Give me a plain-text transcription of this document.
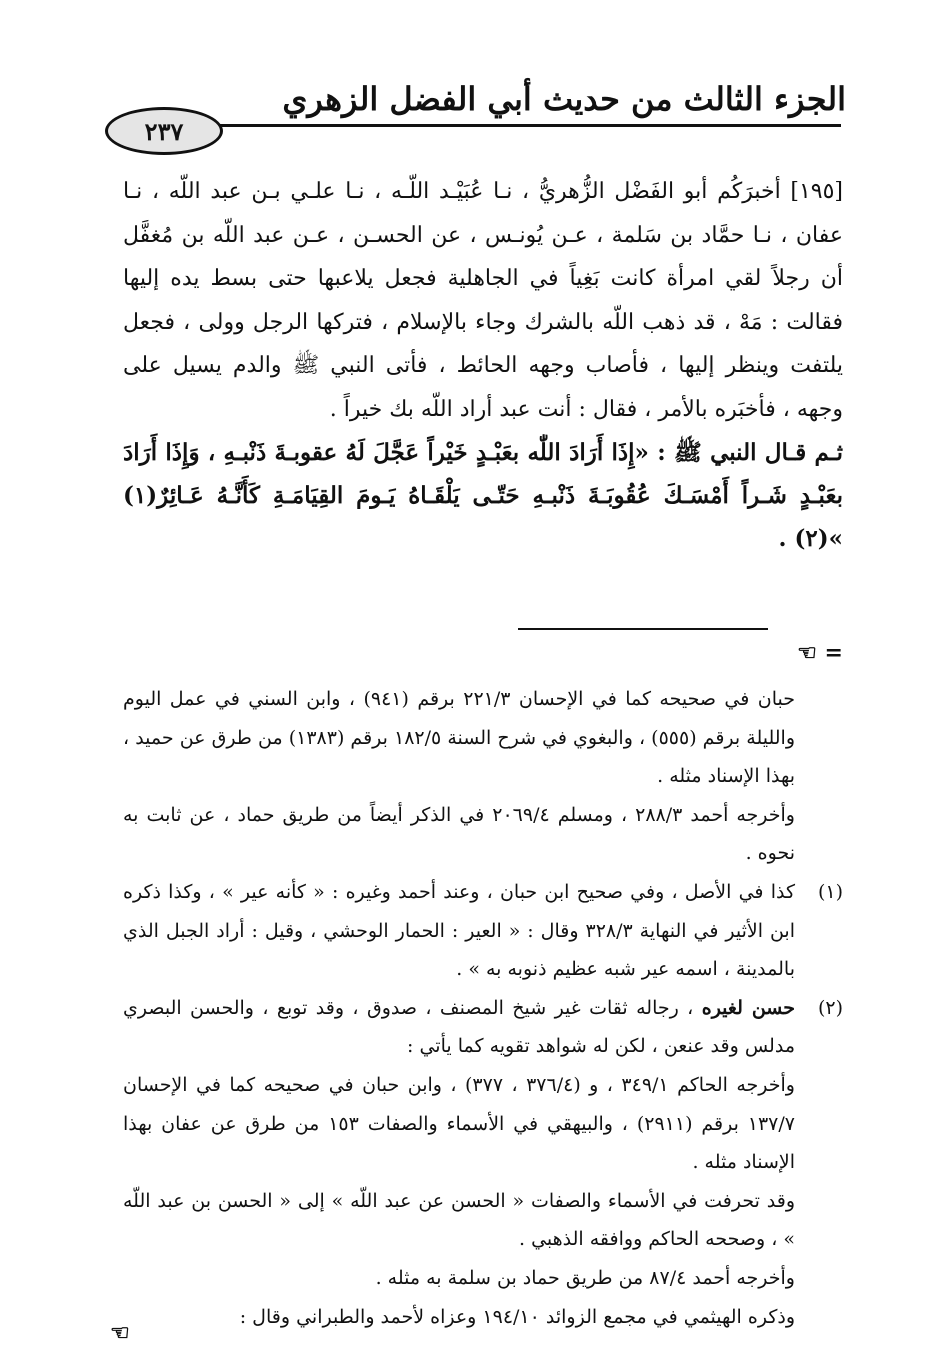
الجزء الثالث من حديث أبي الفضل الزهري
٢٣٧

[١٩٥] أخبرَكُم أبو الفَضْل الزُّهريُّ ، نـا عُبَيْـد اللّـه ، نـا علـي بـن عبد اللّه ، نـا عفان ، نـا حمَّاد بن سَلمة ، عـن يُونـس ، عن الحسـن ، عـن عبد اللّه بن مُغفَّل أن رجلاً لقي امرأة كانت بَغِياً في الجاهلية فجعل يلاعبها حتى بسط يده إليها فقالت : مَهْ ، قد ذهب اللّه بالشرك وجاء بالإسلام ، فتركها الرجل وولى ، فجعل يلتفت وينظر إليها ، فأصاب وجهه الحائط ، فأتى النبي ﷺ والدم يسيل على وجهه ، فأخبَره بالأمر ، فقال : أنت عبد أراد اللّه بك خيراً .

ثـم قـال النبي ﷺ : «إِذَا أَرَادَ اللّٰه بعَبْـدٍ خَيْراً عَجَّلَ لَهُ عقوبـةَ ذَنْبـهِ ، وَإِذَا أَرَادَ بعَبْـدٍ شَـراً أَمْسَـكَ عُقُوبَـةَ ذَنْبـهِ حَتّـى يَلْقَـاهُ يَـومَ القِيَامَـةِ كَأَنَّـهُ عَـائِرٌ(١) »(٢) .

= ☜

حبان في صحيحه كما في الإحسان ٢٢١/٣ برقم (٩٤١) ، وابن السني في عمل اليوم والليلة برقم (٥٥٥) ، والبغوي في شرح السنة ١٨٢/٥ برقم (١٣٨٣) من طرق عن حميد ، بهذا الإسناد مثله .

وأخرجه أحمد ٢٨٨/٣ ، ومسلم ٢٠٦٩/٤ في الذكر أيضاً من طريق حماد ، عن ثابت به نحوه .

(١)
كذا في الأصل ، وفي صحيح ابن حبان ، وعند أحمد وغيره : « كأنه عير » ، وكذا ذكره ابن الأثير في النهاية ٣٢٨/٣ وقال : « العير : الحمار الوحشي ، وقيل : أراد الجبل الذي بالمدينة ، اسمه عير شبه عظيم ذنوبه به » .

(٢)
حسن لغيره ، رجاله ثقات غير شيخ المصنف ، صدوق ، وقد توبع ، والحسن البصري مدلس وقد عنعن ، لكن له شواهد تقويه كما يأتي :

وأخرجه الحاكم ٣٤٩/١ ، و (٣٧٦/٤ ، ٣٧٧) ، وابن حبان في صحيحه كما في الإحسان ١٣٧/٧ برقم (٢٩١١) ، والبيهقي في الأسماء والصفات ١٥٣ من طرق عن عفان بهذا الإسناد مثله .

وقد تحرفت في الأسماء والصفات « الحسن عن عبد اللّه » إلى « الحسن بن عبد اللّه » ، وصححه الحاكم ووافقه الذهبي .

وأخرجه أحمد ٨٧/٤ من طريق حماد بن سلمة به مثله .

وذكره الهيثمي في مجمع الزوائد ١٩٤/١٠ وعزاه لأحمد والطبراني وقال :

☜
